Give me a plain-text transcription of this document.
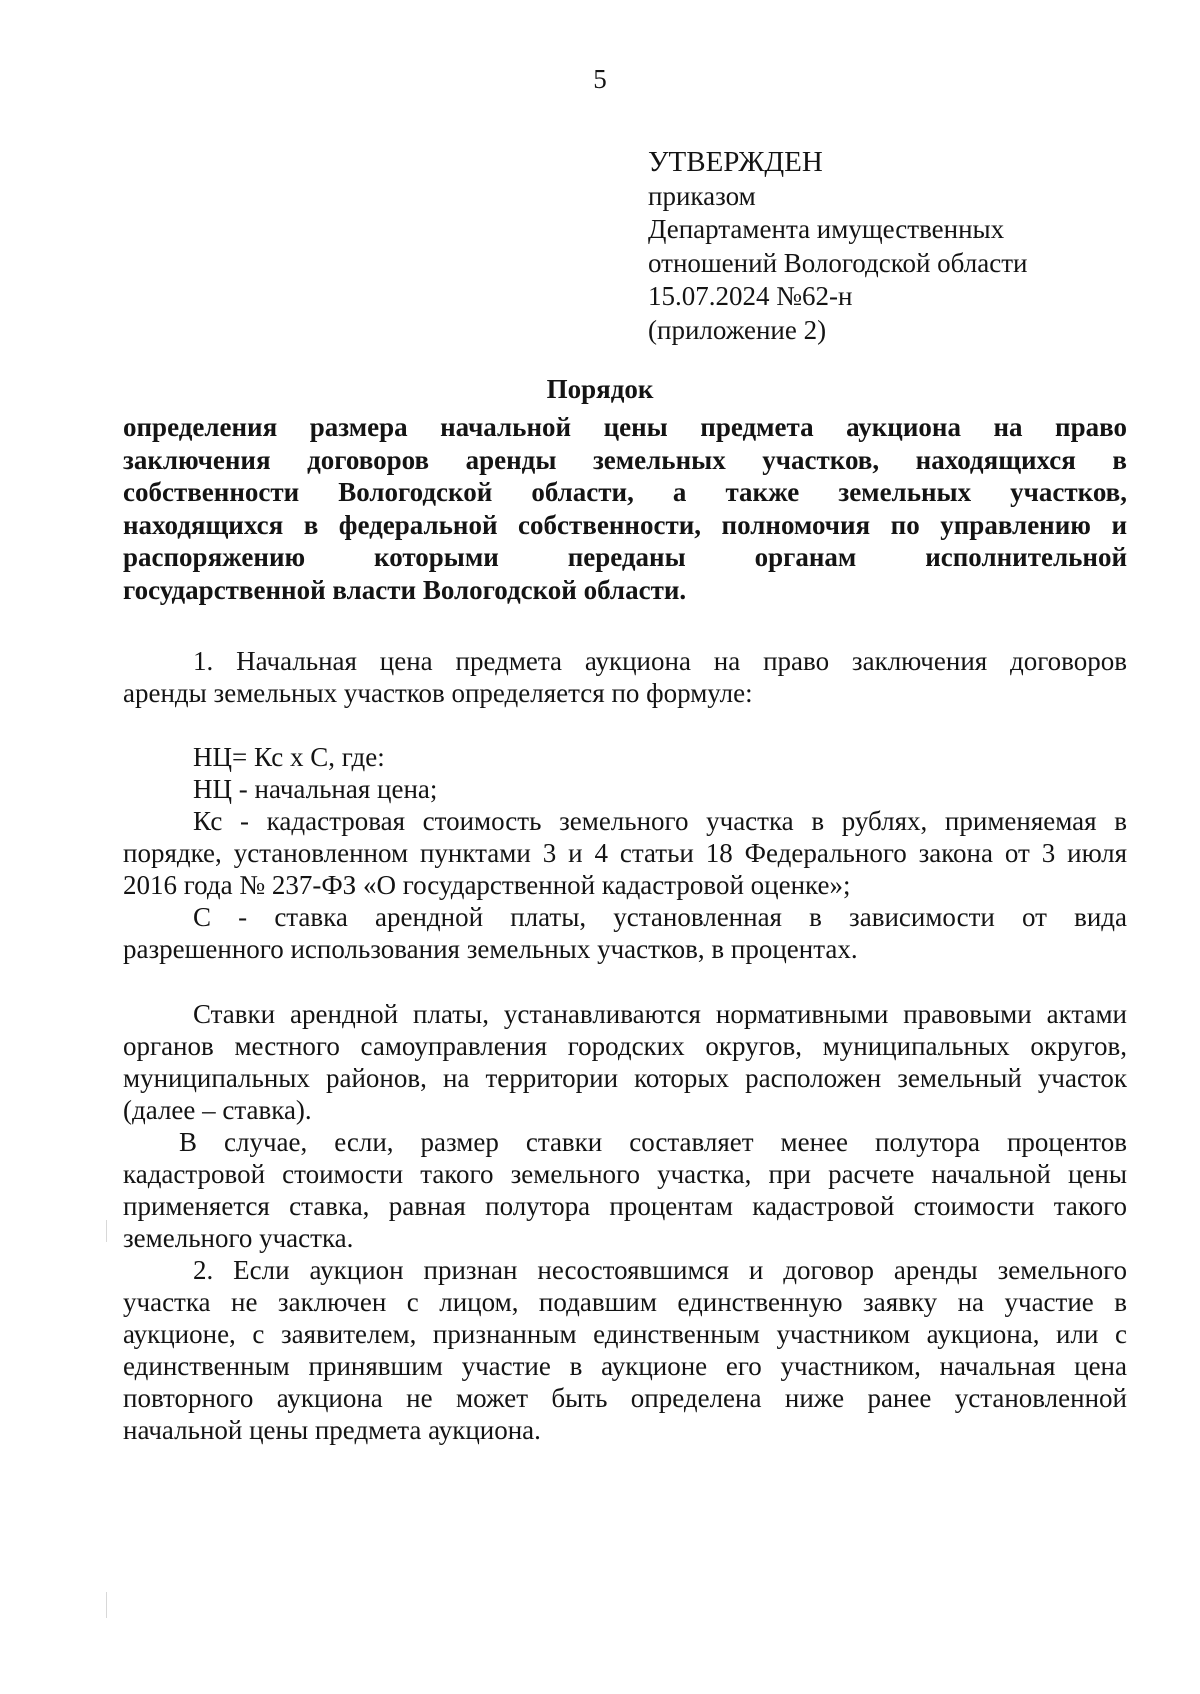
5
УТВЕРЖДЕН
приказом
Департамента имущественных
отношений Вологодской области
15.07.2024 №62-н
(приложение 2)
Порядок
определения размера начальной цены предмета аукциона на право
заключения договоров аренды земельных участков, находящихся в
собственности Вологодской области, а также земельных участков,
находящихся в федеральной собственности, полномочия по управлению и
распоряжению которыми переданы органам исполнительной
государственной власти Вологодской области.
1. Начальная цена предмета аукциона на право заключения договоров
аренды земельных участков определяется по формуле:
НЦ= Кс х С, где:
НЦ - начальная цена;
Кс - кадастровая стоимость земельного участка в рублях, применяемая в
порядке, установленном пунктами 3 и 4 статьи 18 Федерального закона от 3 июля
2016 года № 237-ФЗ «О государственной кадастровой оценке»;
С - ставка арендной платы, установленная в зависимости от вида
разрешенного использования земельных участков, в процентах.
Ставки арендной платы, устанавливаются нормативными правовыми актами
органов местного самоуправления городских округов, муниципальных округов,
муниципальных районов, на территории которых расположен земельный участок
(далее – ставка).
В случае, если, размер ставки составляет менее полутора процентов
кадастровой стоимости такого земельного участка, при расчете начальной цены
применяется ставка, равная полутора процентам кадастровой стоимости такого
земельного участка.
2. Если аукцион признан несостоявшимся и договор аренды земельного
участка не заключен с лицом, подавшим единственную заявку на участие в
аукционе, с заявителем, признанным единственным участником аукциона, или с
единственным принявшим участие в аукционе его участником, начальная цена
повторного аукциона не может быть определена ниже ранее установленной
начальной цены предмета аукциона.
